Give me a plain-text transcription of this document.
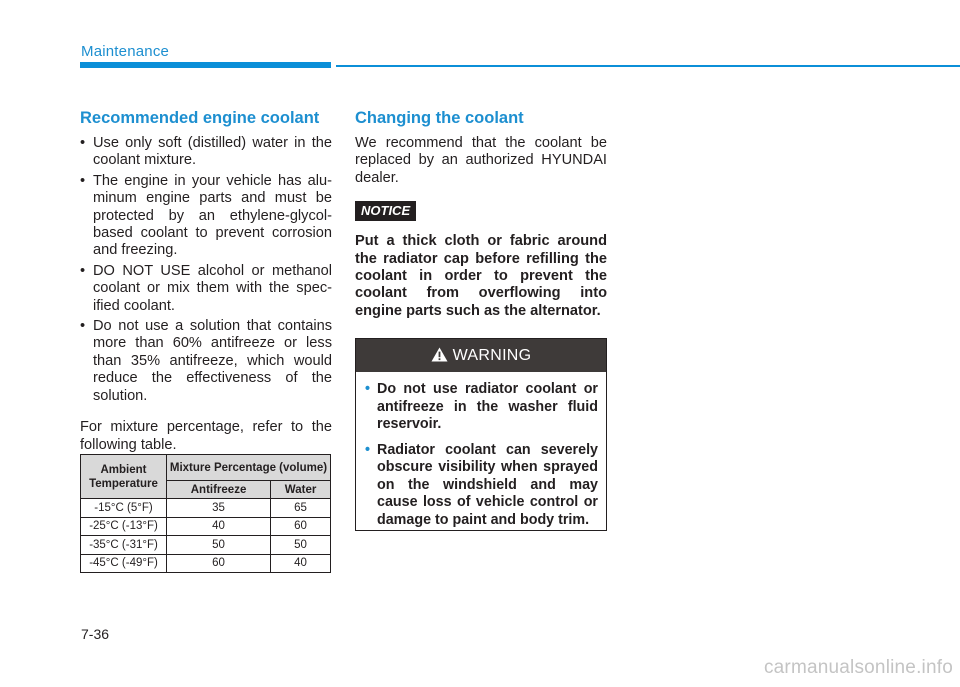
Maintenance
Recommended engine coolant
• Use only soft (distilled) water in the coolant mixture.
• The engine in your vehicle has alu-minum engine parts and must be protected by an ethylene-glycol-based coolant to prevent corrosion and freezing.
• DO NOT USE alcohol or methanol coolant or mix them with the spec-ified coolant.
• Do not use a solution that contains more than 60% antifreeze or less than 35% antifreeze, which would reduce the effectiveness of the solution.

For mixture percentage, refer to the following table.

Ambient Temperature	Mixture Percentage (volume)	
	Antifreeze	Water
-15°C (5°F)	35	65
-25°C (-13°F)	40	60
-35°C (-31°F)	50	50
-45°C (-49°F)	60	40
Changing the coolant

We recommend that the coolant be replaced by an authorized HYUNDAI dealer.

NOTICE

Put a thick cloth or fabric around the radiator cap before refilling the coolant in order to prevent the coolant from overflowing into engine parts such as the alternator.

WARNING
• Do not use radiator coolant or antifreeze in the washer fluid reservoir.
• Radiator coolant can severely obscure visibility when sprayed on the windshield and may cause loss of vehicle control or damage to paint and body trim.
7-36
carmanualsonline.info
